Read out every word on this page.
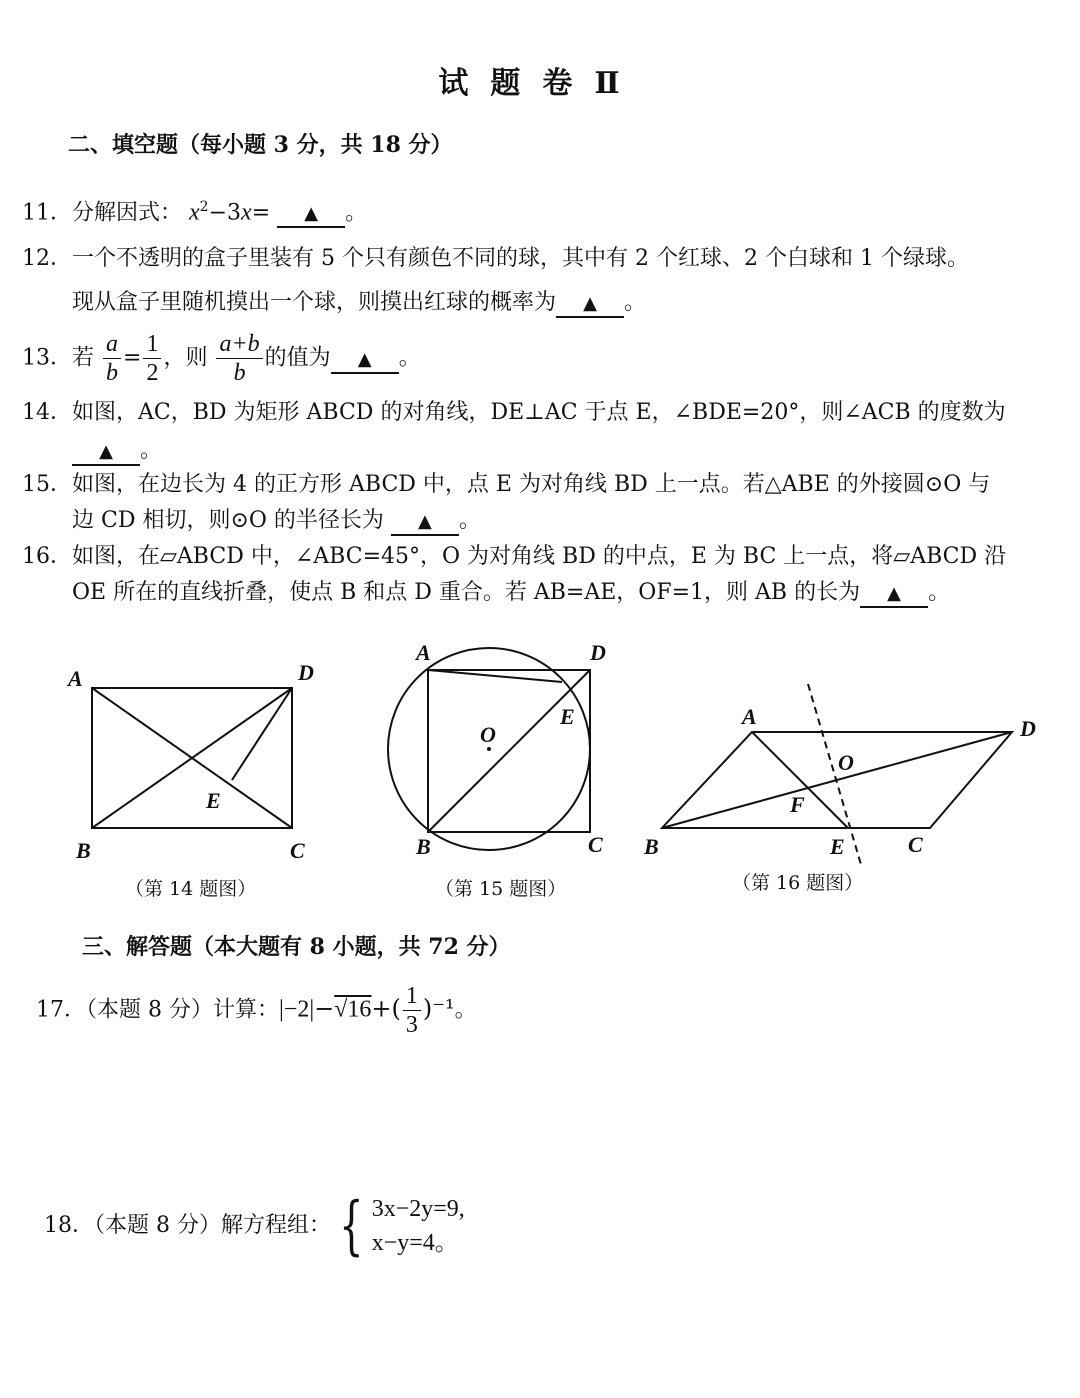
试题卷Ⅱ
二、填空题（每小题 3 分，共 18 分）
11．分解因式： $x^2-3x=$ ▲ 。
12．一个不透明的盒子里装有 5 个只有颜色不同的球，其中有 2 个红球、2 个白球和 1 个绿球。
现从盒子里随机摸出一个球，则摸出红球的概率为 ▲ 。
13．若 $\frac{a}{b} = \frac{1}{2}$ ，则 $\frac{a+b}{b}$ 的值为 ▲ 。
14．如图，AC，BD 为矩形 ABCD 的对角线，DE⊥AC 于点 E，∠BDE=20°，则∠ACB 的度数为
▲ 。
15．如图，在边长为 4 的正方形 ABCD 中，点 E 为对角线 BD 上一点。若△ABE 的外接圆⊙O 与
边 CD 相切，则⊙O 的半径长为 ▲ 。
16．如图，在▱ABCD 中，∠ABC=45°，O 为对角线 BD 的中点，E 为 BC 上一点，将▱ABCD 沿
OE 所在的直线折叠，使点 B 和点 D 重合。若 AB=AE，OF=1，则 AB 的长为 ▲ 。
A	D
B	C
E
（第 14 题图）
A	D
E
O
B	C
（第 15 题图）
A	D
O
F
B	E	C
（第 16 题图）
三、解答题（本大题有 8 小题，共 72 分）
17．（本题 8 分）计算：$|-2|-√16+( \frac{1}{3} )^{-1}$。
18．（本题 8 分）解方程组： { 3x−2y=9,
x−y=4。
